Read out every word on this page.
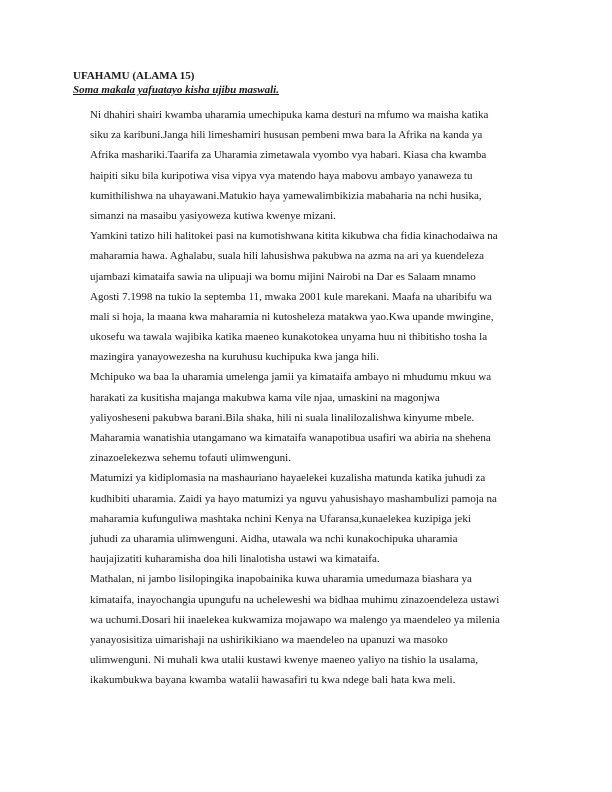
UFAHAMU (ALAMA 15)
Soma makala yafuatayo kisha ujibu maswali.
Ni dhahiri shairi kwamba uharamia umechipuka kama desturi na mfumo wa maisha katika
siku za karibuni.Janga hili limeshamiri hususan pembeni mwa bara la Afrika na kanda ya
Afrika mashariki.Taarifa za Uharamia zimetawala vyombo vya habari. Kiasa cha kwamba
haipiti siku bila kuripotiwa visa vipya vya matendo haya mabovu ambayo yanaweza tu
kumithilishwa na uhayawani.Matukio haya yamewalimbikizia mabaharia na nchi husika,
simanzi na masaibu yasiyoweza kutiwa kwenye mizani.
Yamkini tatizo hili halitokei pasi na kumotishwana kitita kikubwa cha fidia kinachodaiwa na
maharamia hawa. Aghalabu, suala hili lahusishwa pakubwa na azma na ari ya kuendeleza
ujambazi kimataifa sawia na ulipuaji wa bomu mijini Nairobi na Dar es Salaam mnamo
Agosti 7.1998 na tukio la septemba 11, mwaka 2001 kule marekani. Maafa na uharibifu wa
mali si hoja, la maana kwa maharamia ni kutosheleza matakwa yao.Kwa upande mwingine,
ukosefu wa tawala wajibika katika maeneo kunakotokea unyama huu ni thibitisho tosha la
mazingira yanayowezesha na kuruhusu kuchipuka kwa janga hili.
Mchipuko wa baa la uharamia umelenga jamii ya kimataifa ambayo ni mhudumu mkuu wa
harakati za kusitisha majanga makubwa kama vile njaa, umaskini na magonjwa
yaliyosheseni pakubwa barani.Bila shaka, hili ni suala linalilozalishwa kinyume mbele.
Maharamia wanatishia utangamano wa kimataifa wanapotibua usafiri wa abiria na shehena
zinazoelekezwa sehemu tofauti ulimwenguni.
Matumizi ya kidiplomasia na mashauriano hayaelekei kuzalisha matunda katika juhudi za
kudhibiti uharamia. Zaidi ya hayo matumizi ya nguvu yahusishayo mashambulizi pamoja na
maharamia kufunguliwa mashtaka nchini Kenya na Ufaransa,kunaelekea kuzipiga jeki
juhudi za uharamia ulimwenguni. Aidha, utawala wa nchi kunakochipuka uharamia
haujajizatiti kuharamisha doa hili linalotisha ustawi wa kimataifa.
Mathalan, ni jambo lisilopingika inapobainika kuwa uharamia umedumaza biashara ya
kimataifa, inayochangia upungufu na ucheleweshi wa bidhaa muhimu zinazoendeleza ustawi
wa uchumi.Dosari hii inaelekea kukwamiza mojawapo wa malengo ya maendeleo ya milenia
yanayosisitiza uimarishaji na ushirikikiano wa maendeleo na upanuzi wa masoko
ulimwenguni. Ni muhali kwa utalii kustawi kwenye maeneo yaliyo na tishio la usalama,
ikakumbukwa bayana kwamba watalii hawasafiri tu kwa ndege bali hata kwa meli.
